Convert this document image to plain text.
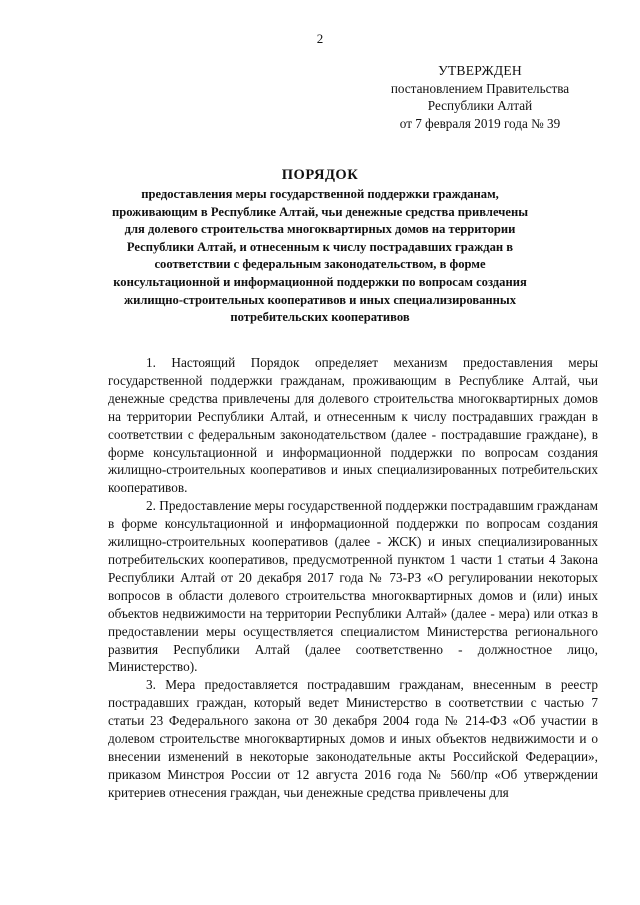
2
УТВЕРЖДЕН
постановлением Правительства
Республики Алтай
от 7 февраля 2019 года № 39
ПОРЯДОК
предоставления меры государственной поддержки гражданам, проживающим в Республике Алтай, чьи денежные средства привлечены для долевого строительства многоквартирных домов на территории Республики Алтай, и отнесенным к числу пострадавших граждан в соответствии с федеральным законодательством, в форме консультационной и информационной поддержки по вопросам создания жилищно-строительных кооперативов и иных специализированных потребительских кооперативов

1. Настоящий Порядок определяет механизм предоставления меры государственной поддержки гражданам, проживающим в Республике Алтай, чьи денежные средства привлечены для долевого строительства многоквартирных домов на территории Республики Алтай, и отнесенным к числу пострадавших граждан в соответствии с федеральным законодательством (далее - пострадавшие граждане), в форме консультационной и информационной поддержки по вопросам создания жилищно-строительных кооперативов и иных специализированных потребительских кооперативов.

2. Предоставление меры государственной поддержки пострадавшим гражданам в форме консультационной и информационной поддержки по вопросам создания жилищно-строительных кооперативов (далее - ЖСК) и иных специализированных потребительских кооперативов, предусмотренной пунктом 1 части 1 статьи 4 Закона Республики Алтай от 20 декабря 2017 года № 73-РЗ «О регулировании некоторых вопросов в области долевого строительства многоквартирных домов и (или) иных объектов недвижимости на территории Республики Алтай» (далее - мера) или отказ в предоставлении меры осуществляется специалистом Министерства регионального развития Республики Алтай (далее соответственно - должностное лицо, Министерство).

3. Мера предоставляется пострадавшим гражданам, внесенным в реестр пострадавших граждан, который ведет Министерство в соответствии с частью 7 статьи 23 Федерального закона от 30 декабря 2004 года № 214-ФЗ «Об участии в долевом строительстве многоквартирных домов и иных объектов недвижимости и о внесении изменений в некоторые законодательные акты Российской Федерации», приказом Минстроя России от 12 августа 2016 года № 560/пр «Об утверждении критериев отнесения граждан, чьи денежные средства привлечены для
